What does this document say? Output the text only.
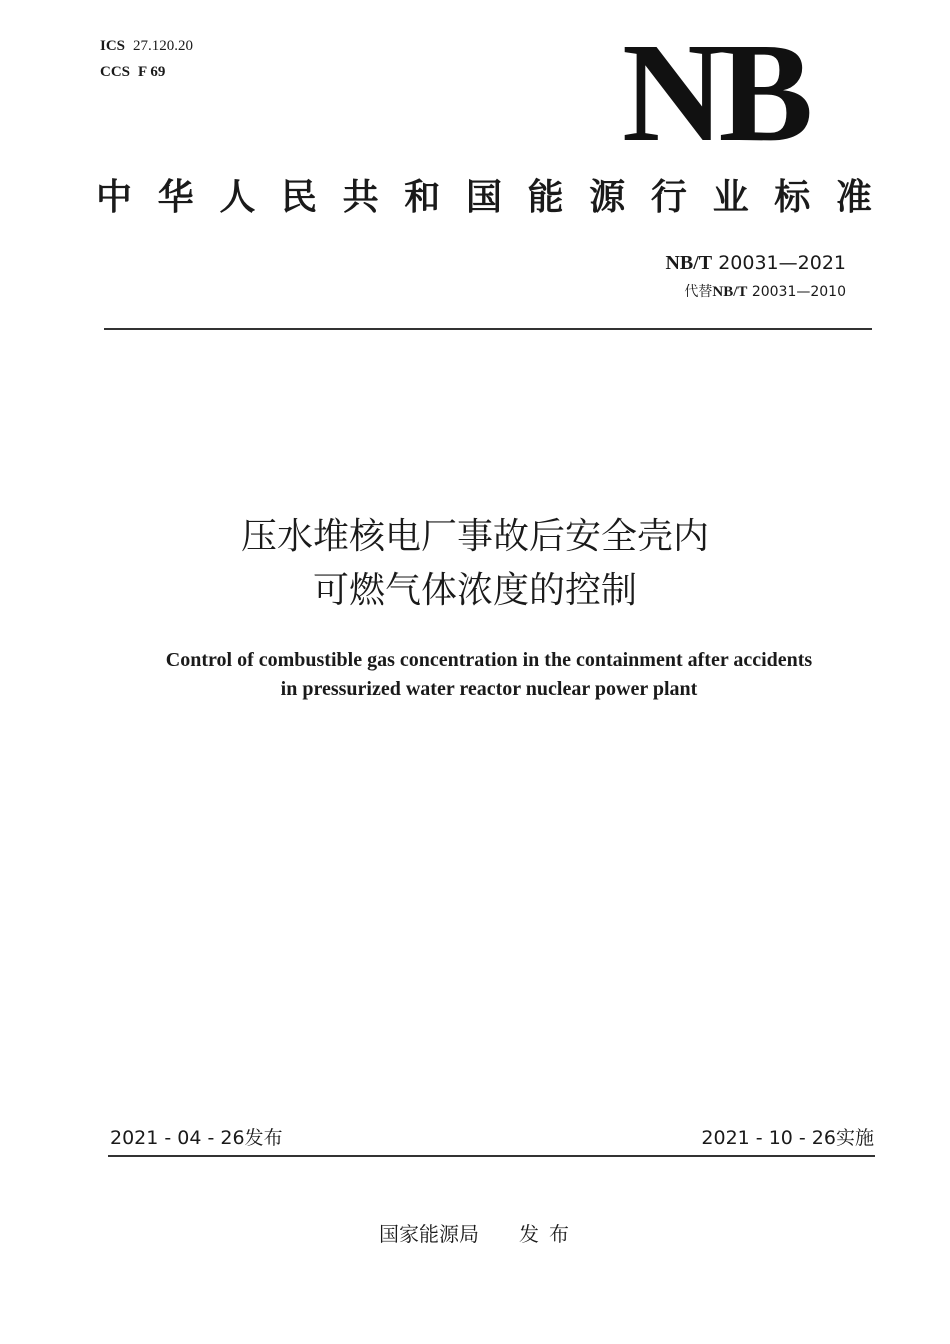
ICS 27.120.20
CCS F 69	NB
中 华 人 民 共 和 国 能 源 行 业 标 准
NB/T 20031—2021
代替NB/T 20031—2010
压水堆核电厂事故后安全壳内
可燃气体浓度的控制
Control of combustible gas concentration in the containment after accidents
in pressurized water reactor nuclear power plant
2021 - 04 - 26发布	2021 - 10 - 26实施
国家能源局 发布
